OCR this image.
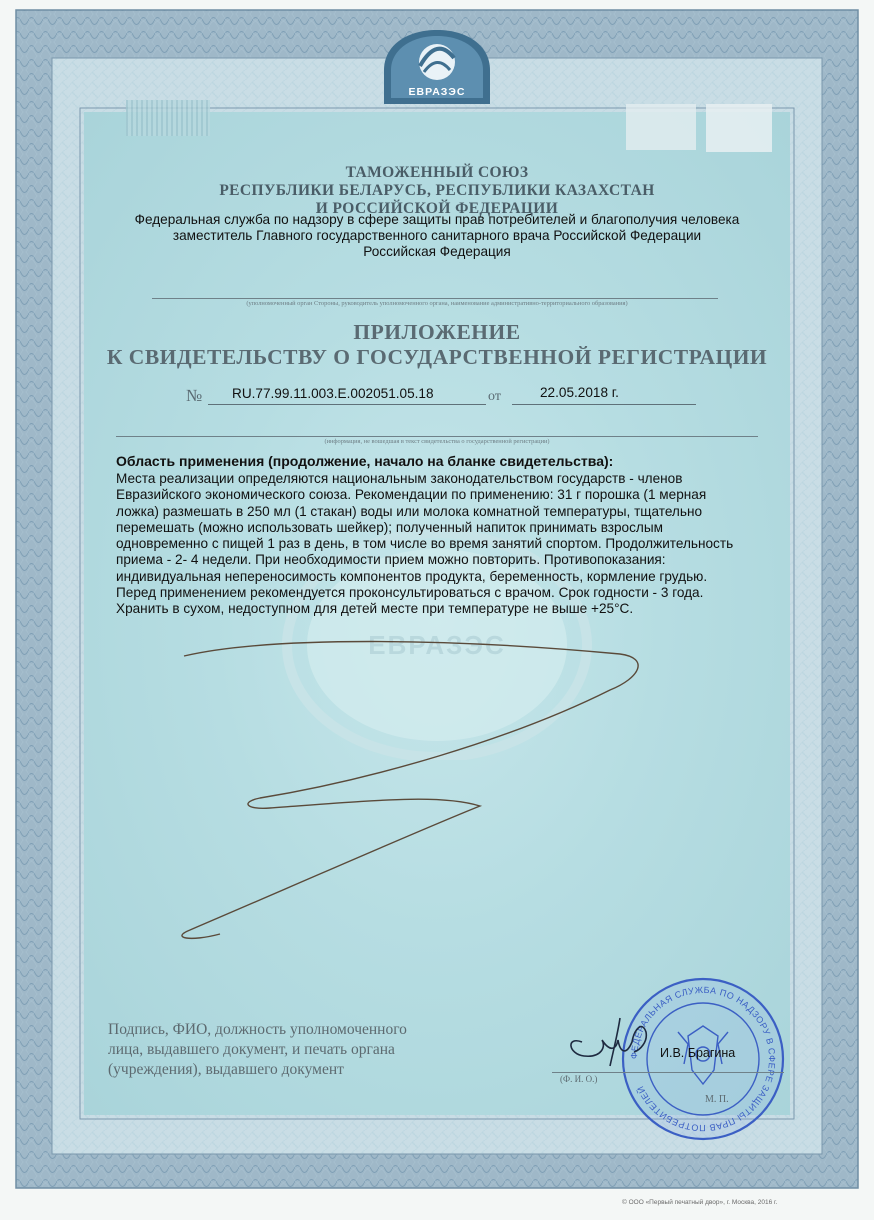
ЕВРАЗЭС
ЕВРАЗЭС
ТАМОЖЕННЫЙ СОЮЗ
РЕСПУБЛИКИ БЕЛАРУСЬ, РЕСПУБЛИКИ КАЗАХСТАН
И РОССИЙСКОЙ ФЕДЕРАЦИИ
Федеральная служба по надзору в сфере защиты прав потребителей и благополучия человека
заместитель Главного государственного санитарного врача Российской Федерации
Российская Федерация
(уполномоченный орган Стороны, руководитель уполномоченного органа, наименование административно-территориального образования)
ПРИЛОЖЕНИЕ
К СВИДЕТЕЛЬСТВУ О ГОСУДАРСТВЕННОЙ РЕГИСТРАЦИИ
№ RU.77.99.11.003.E.002051.05.18	от	22.05.2018 г.
(информация, не вошедшая в текст свидетельства о государственной регистрации)
Область применения (продолжение, начало на бланке свидетельства):
Места реализации определяются национальным законодательством государств - членов
Евразийского экономического союза. Рекомендации по применению: 31 г порошка (1 мерная
ложка) размешать в 250 мл (1 стакан) воды или молока комнатной температуры, тщательно
перемешать (можно использовать шейкер); полученный напиток принимать взрослым
одновременно с пищей 1 раз в день, в том числе во время занятий спортом. Продолжительность
приема - 2- 4 недели. При необходимости прием можно повторить. Противопоказания:
индивидуальная непереносимость компонентов продукта, беременность, кормление грудью.
Перед применением рекомендуется проконсультироваться с врачом. Срок годности - 3 года.
Хранить в сухом, недоступном для детей месте при температуре не выше +25°С.
Подпись, ФИО, должность уполномоченного
лица, выдавшего документ, и печать органа
(учреждения), выдавшего документ
ФЕДЕРАЛЬНАЯ СЛУЖБА ПО НАДЗОРУ В СФЕРЕ ЗАЩИТЫ ПРАВ ПОТРЕБИТЕЛЕЙ
И.В. Брагина
(Ф. И. О.)
М. П.
© ООО «Первый печатный двор», г. Москва, 2016 г.
